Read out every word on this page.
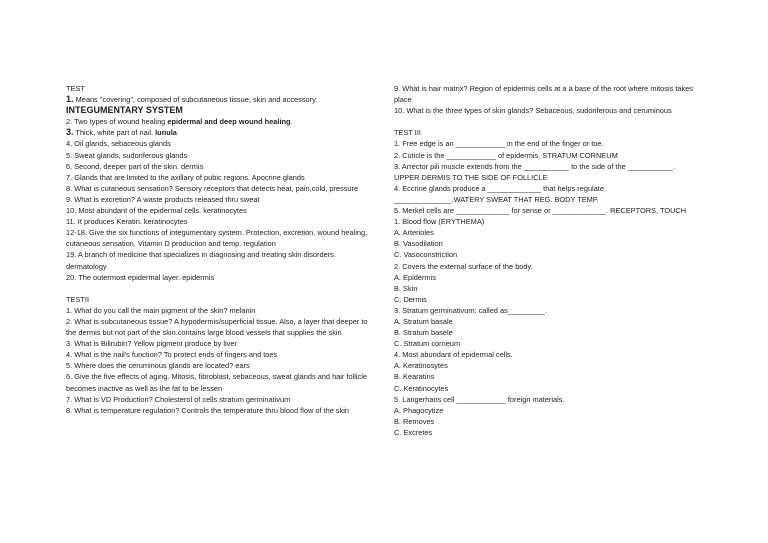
TEST
1. Means "covering", composed of subcutaneous tissue, skin and accessory.
INTEGUMENTARY SYSTEM
2. Two types of wound healing epidermal and deep wound healing.
3. Thick, white part of nail. lunula
4. Oil glands, sebaceous glands
5. Sweat glands, sudoriferous glands
6. Second, deeper part of the skin. dermis
7. Glands that are limited to the axillary of pubic regions. Apocrine glands
8. What is cutaneous sensation? Sensory receptors that detects heat, pain,cold, pressure
9. What is excretion? A waste products released thru sweat
10. Most abundant of the epidermal cells. keratinocytes
11. It produces Keratin. keratinocytes
12-18. Give the six functions of integumentary system. Protection, excretion, wound healing, cutaneous sensation, Vitamin D production and temp. regulation
19. A branch of medicine that specializes in diagnosing and treating skin disorders. dermatology
20. The outermost epidermal layer. epidermis
TESTII
1. What do you call the main pigment of the skin? melanin
2. What is subcutaneous tissue? A hypodermis/superficial tissue. Also, a layer that deeper to the dermis but not part of the skin.contains large blood vessels that supplies the skin
3. What is Bilirubin? Yellow pigment produce by liver
4. What is the nail's function? To protect ends of fingers and toes
5. Where does the ceruminous glands are located? ears
6. Give the five effects of aging. Mitosis, fibroblast, sebaceous, sweat glands and hair follicle becomes inactive as well as the fat to be lessen
7. What is VD Production? Cholesterol of cells stratum germinativum
8. What is temperature regulation? Controls the temperature thru blood flow of the skin
9. What is hair matrix? Region of epidermis cells at a a base of the root where mitosis takes place
10. What is the three types of skin glands? Sebaceous, sudoriferous and ceruminous
TEST III
1. Free edge is an ____________ in the end of the finger or toe.
2. Cuticle is the ____________ of epidermis. STRATUM CORNEUM
3. Arrector pili muscle extends from the ___________ to the side of the ___________. UPPER DERMIS TO THE SIDE OF FOLLICLE
4. Eccrine glands produce a _____________ that helps regulate ______________.WATERY SWEAT THAT REG. BODY TEMP.
5. Merkel cells are _____________ for sense or _____________. RECEPTORS, TOUCH
1. Blood flow (ERYTHEMA)
A. Arterioles
B. Vasodilation
C. Vasoconstriction
2. Covers the external surface of the body.
A. Epidermis
B. Skin
C. Dermis
3. Stratum germinativum: called as_________.
A. Stratum basale
B. Stratum basele
C. Stratum corneum
4. Most abundant of epidermal cells.
A. Keratinosytes
B. Kearatins
C. Keratinocytes
5. Langerhans cell ____________ foreign materials.
A. Phagocytize
B. Removes
C. Excretes
